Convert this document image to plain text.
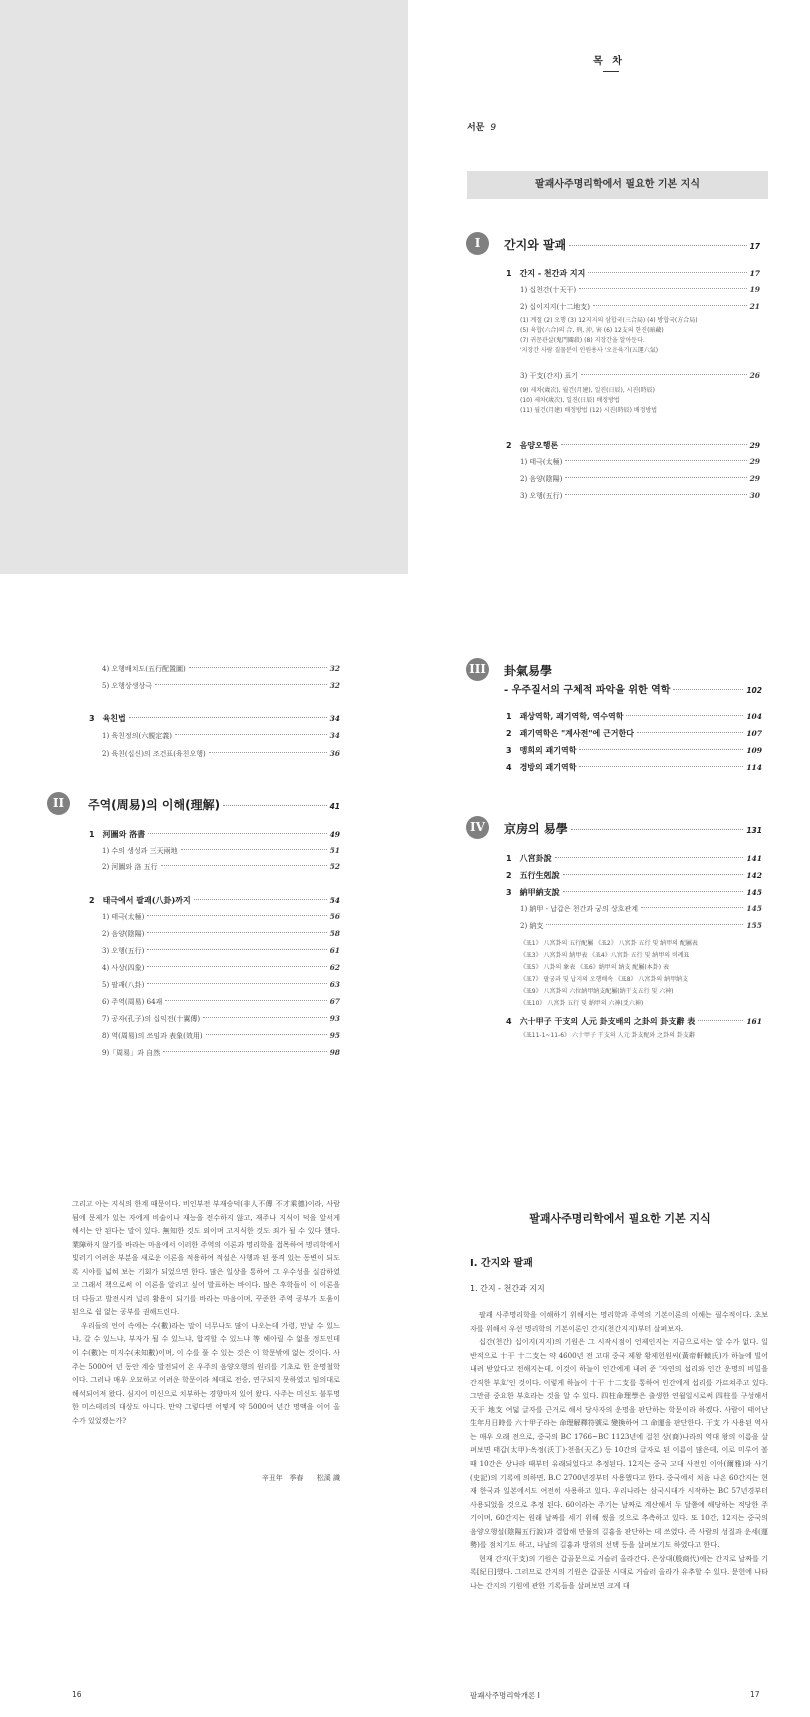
목 차
서문 9
팔괘사주명리학에서 필요한 기본 지식
I	간지와 팔괘	17
1 간지 - 천간과 지지	17
1) 십천간(十天干)	19
2) 십이지지(十二地支)	21
(1) 계절 (2) 오행 (3) 12지지의 삼합국(三合局) (4) 방합국(方合局)
(5) 육합(六合)의 合, 刑, 沖, 害 (6) 12支의 한진(暗藏)
(7) 귀문관살(鬼門關殺) (8) 지장간을 알아둔다.
'지장간 사람 질물분이 인원용사 '오운육기(五運六氣)
3) 干支(간지) 표기	26
(9) 세차(歲次), 월건(月建), 일진(日辰), 시진(時辰)
(10) 세차(歲次), 일진(日辰) 배정방법
(11) 월건(月建) 배정방법 (12) 시진(時辰) 배정방법
2 음양오행론	29
1) 태극(太極)	29
2) 음양(陰陽)	29
3) 오행(五行)	30
4) 오행배치도(五行配置圖)	32
5) 오행상생상극	32
3 육친법	34
1) 육친정의(六親定義)	34
2) 육친(십신)의 조건표(육친오행)	36
II	주역(周易)의 이해(理解)	41
1 河圖와 洛書	49
1) 수의 생성과 三天兩地	51
2) 河圖와 洛 五行	52
2 태극에서 팔괘(八卦)까지	54
1) 태극(太極)	56
2) 음양(陰陽)	58
3) 오행(五行)	61
4) 사상(四象)	62
5) 팔괘(八卦)	63
6) 주역(周易) 64괘	67
7) 공자(孔子)의 십익전(十翼傳)	93
8) 역(周易)의 쓰임과 表象(效用)	95
9)「周易」과 自然	98
III 卦氣易學
- 우주질서의 구체적 파악을 위한 역학	102
1 괘상역학, 괘기역학, 역수역학	104
2 괘기역학은 "계사전"에 근거한다	107
3 맹희의 괘기역학	109
4 경방의 괘기역학	114
IV	京房의 易學	131
1 八宮卦說	141
2 五行生剋說	142
3 納甲納支說	145
1) 納甲 - 납갑은 천간과 궁의 상호관계	145
2) 納支	155
《표1》 八宮卦의 五行配屬 《표2》 八宮卦 五行 및 納甲의 配屬表
《표3》 八宮卦의 納甲表 《표4》八宮卦 五行 및 納甲의 비례표
《표5》 八卦의 象表 《표6》納甲의 納支 配屬(本卦) 表
《표7》 팔궁과 및 납지의 오행배속 《표8》 八宮卦의 納甲納支
《표9》 八宮卦의 六位納甲納支配屬(納干支五行 및 六神)
《표10》 八宮卦 五行 및 納甲의 六神(爻六神)
4 六十甲子 干支의 人元 卦支배의 之卦의 卦支辭 表	161
《표11-1~11-6》 六十甲子 干支의 人元 卦支配와 之卦의 卦支辭

그리고 아는 지식의 한계 때문이다. 비인부전 부재승덕(非人不傳 不才乘德)이라, 사람됨에 문제가 있는 자에게 비술이나 재능을 전수하지 않고, 재주나 지식이 덕을 앞서게 해서는 안 된다는 말이 있다. 無知한 것도 외이며 고지식한 것도 죄가 될 수 있다 했다. 業障하지 않기를 바라는 마음에서 이러한 주역의 이론과 명리학을 접목하여 명리학에서 빛러기 어려운 부분을 새로운 이론을 적용하여 적설은 사행과 된 풍격 있는 동변이 되도록 시야를 넓혀 보는 기회가 되었으면 한다. 많은 일상을 통하여 그 우수성을 실감하였고 그래서 책으로써 이 이론을 알리고 싶어 발표하는 바이다. 많은 후학들이 이 이론을 더 다듬고 발전시켜 널리 활용이 되기를 바라는 마음이며, 꾸준한 주역 공부가 도움이 된으로 쉽 없는 공부를 권해드린다.

우리들의 언어 속에는 수(數)라는 말이 너무나도 많이 나오는데 가령, 만날 수 있느냐, 갈 수 있느냐, 부자가 될 수 있느냐, 합격할 수 있느냐 等 헤아릴 수 없을 정도인데 이 수(數)는 미지수(未知數)이며, 이 수를 풀 수 있는 것은 이 학문밖에 없는 것이다. 사주는 5000여 년 동안 계승 발전되어 온 우주의 음양오행의 원리를 기초로 한 운명철학이다. 그러나 매우 오묘하고 어려운 학문이라 체대로 전승, 연구되지 못하였고 임의대로 해석되어져 왔다. 심지어 미신으로 치부하는 경향마저 있어 왔다. 사주는 미신도 불투명한 미스테리의 대상도 아니다. 만약 그렇다면 어떻게 약 5000여 년간 명맥을 이어 올 수가 있었겠는가?

辛丑年   季春      松溪 識
16
팔괘사주명리학에서 필요한 기본 지식
I. 간지와 팔괘
1. 간지 - 천간과 지지

팔괘 사주명리학을 이해하기 위해서는 명리학과 주역의 기본이론의 이해는 필수적이다. 초보자를 위해서 우선 명리학의 기본이론인 간지(천간지지)부터 살펴보자.

십간(천간) 십이지(지지)의 기원은 그 시작시점이 언제인지는 지금으로서는 알 수가 없다. 일반적으로 十干 十二支는 약 4600년 전 고대 중국 제왕 황제헌원씨(黃帝軒轅氏)가 하늘에 빌어 내려 받았다고 전해지는데, 이것이 하늘이 인간에게 내려 준 '자연의 섭리와 인간 운명의 비밀을 간직한 부호'인 것이다. 이렇게 하늘이 十干 十二支를 통하여 인간에게 섭리를 가르쳐주고 있다. 그만큼 중요한 부호라는 것을 알 수 있다. 四柱命理學은 출생한 연월일시로써 四柱를 구성해서 天干 地支 여덟 글자를 근거로 해서 당사자의 운명을 판단하는 학문이라 하겠다. 사람이 태어난 生年月日時를 六十甲子라는 命理解釋符號로 變換하여 그 命運을 판단한다. 干支 가 사용된 역사는 매우 오래 전으로, 중국의 BC 1766~BC 1123년에 걸친 상(商)나라의 역대 왕의 이름을 살펴보면 태갑(太甲)·옥정(沃丁)·천을(天乙) 등 10간의 글자로 된 이름이 많은데, 이로 미루어 볼 때 10간은 상나라 때부터 유래되었다고 추정된다. 12지는 중국 고대 사전인 이아(爾雅)와 사기(史記)의 기록에 의하면, B.C 2700년경부터 사용했다고 한다. 중국에서 처음 나온 60간지는 현재 한국과 일본에서도 여전히 사용하고 있다. 우리나라는 삼국시대가 시작하는 BC 57년경부터 사용되었을 것으로 추정 된다. 60이라는 주기는 날짜로 계산해서 두 달쯤에 해당하는 적당한 주기이며, 60간지는 원래 날짜를 세기 위해 썼을 것으로 추측하고 있다. 또 10간, 12지는 중국의 음양오행설(陰陽五行說)과 결합해 만물의 길흉을 판단하는 데 쓰였다. 즉 사람의 성질과 운세(運勢)를 점치기도 하고, 나날의 길흉과 방위의 선택 등을 살펴보기도 하였다고 한다.

현재 간지(干支)의 기원은 갑골문으로 거슬러 올라간다. 은상대(殷商代)에는 간지로 날짜를 기록[紀日]했다. 그러므로 간지의 기원은 갑골문 시대로 거슬러 올라가 유추할 수 있다. 문헌에 나타나는 간지의 기원에 관한 기록들을 살펴보면 크게 대

팔괘사주명리학개론 I	17
